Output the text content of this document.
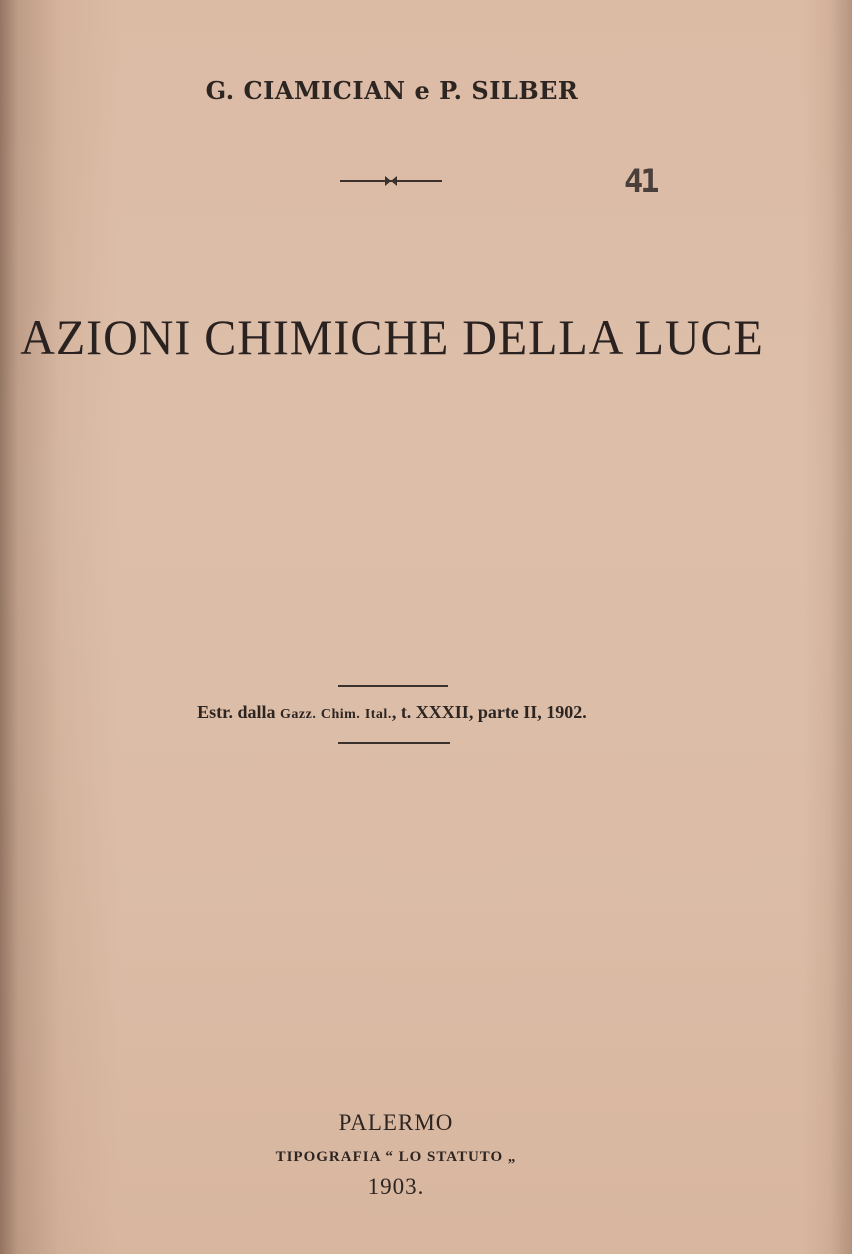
G. CIAMICIAN e P. SILBER
41
AZIONI CHIMICHE DELLA LUCE
Estr. dalla Gazz. Chim. Ital., t. XXXII, parte II, 1902.
PALERMO
TIPOGRAFIA “ LO STATUTO „
1903.
